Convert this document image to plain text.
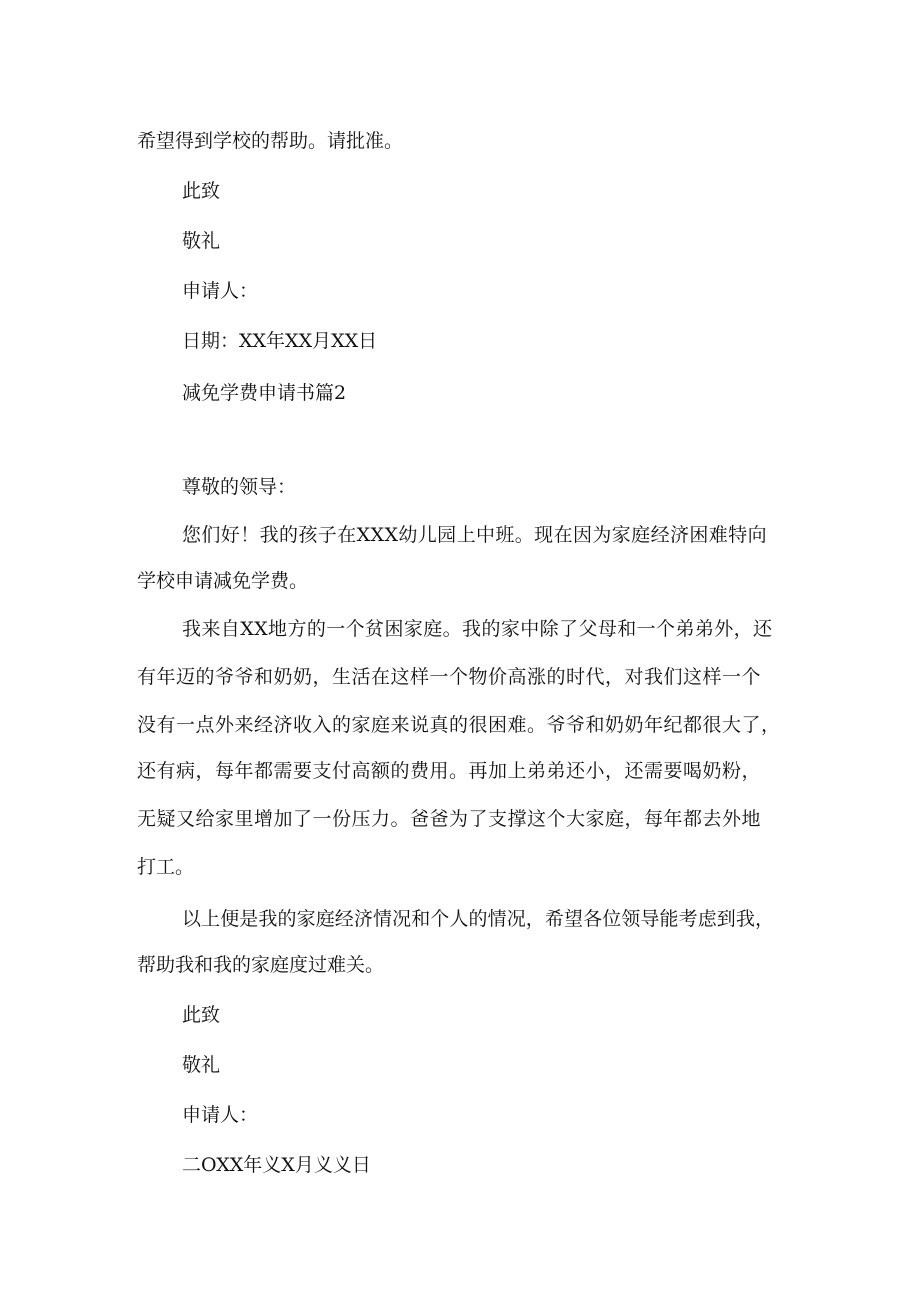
希望得到学校的帮助。请批准。
此致
敬礼
申请人：
日期：XX年XX月XX日
减免学费申请书篇2
尊敬的领导：
您们好！我的孩子在XXX幼儿园上中班。现在因为家庭经济困难特向
学校申请减免学费。
我来自XX地方的一个贫困家庭。我的家中除了父母和一个弟弟外，还
有年迈的爷爷和奶奶，生活在这样一个物价高涨的时代，对我们这样一个
没有一点外来经济收入的家庭来说真的很困难。爷爷和奶奶年纪都很大了，
还有病，每年都需要支付高额的费用。再加上弟弟还小，还需要喝奶粉，
无疑又给家里增加了一份压力。爸爸为了支撑这个大家庭，每年都去外地
打工。
以上便是我的家庭经济情况和个人的情况，希望各位领导能考虑到我，
帮助我和我的家庭度过难关。
此致
敬礼
申请人：
二OXX年义X月义义日
